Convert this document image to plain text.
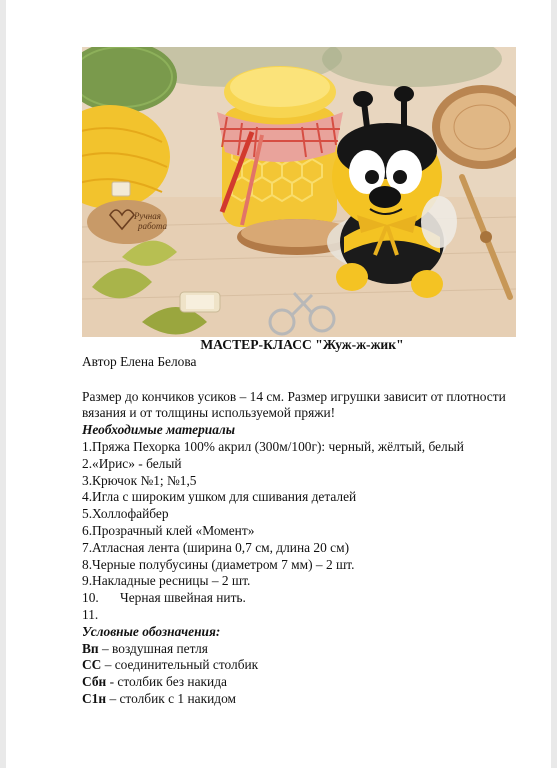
Ручная
работа

МАСТЕР-КЛАСС "Жуж-ж-жик"

Автор Елена Белова

Размер до кончиков усиков – 14 см. Размер игрушки зависит от плотности вязания и от толщины используемой пряжи!

Необходимые материалы

1.Пряжа Пехорка 100% акрил (300м/100г): черный, жёлтый, белый
2.«Ирис» - белый
3.Крючок №1; №1,5
4.Игла с широким ушком для сшивания деталей
5.Холлофайбер
6.Прозрачный клей «Момент»
7.Атласная лента (ширина 0,7 см, длина 20 см)
8.Черные полубусины (диаметром 7 мм) – 2 шт.
9.Накладные ресницы – 2 шт.
10. Черная швейная нить.
11.

Условные обозначения:

Вп – воздушная петля
СС – соединительный столбик
Сбн - столбик без накида
С1н – столбик с 1 накидом
